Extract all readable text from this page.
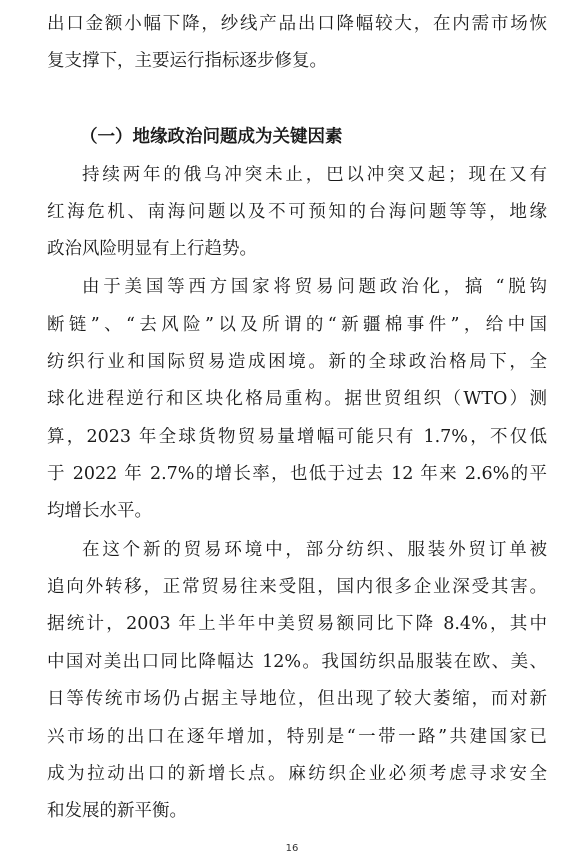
出口金额小幅下降，纱线产品出口降幅较大，在内需市场恢
复支撑下，主要运行指标逐步修复。
（一）地缘政治问题成为关键因素
持续两年的俄乌冲突未止，巴以冲突又起；现在又有
红海危机、南海问题以及不可预知的台海问题等等，地缘
政治风险明显有上行趋势。
由于美国等西方国家将贸易问题政治化，搞 “脱钩
断链”、“去风险”以及所谓的“新疆棉事件”，给中国
纺织行业和国际贸易造成困境。新的全球政治格局下，全
球化进程逆行和区块化格局重构。据世贸组织（WTO）测
算，2023 年全球货物贸易量增幅可能只有 1.7%，不仅低
于 2022 年 2.7%的增长率，也低于过去 12 年来 2.6%的平
均增长水平。
在这个新的贸易环境中，部分纺织、服装外贸订单被
追向外转移，正常贸易往来受阻，国内很多企业深受其害。
据统计，2003 年上半年中美贸易额同比下降 8.4%，其中
中国对美出口同比降幅达 12%。我国纺织品服装在欧、美、
日等传统市场仍占据主导地位，但出现了较大萎缩，而对新
兴市场的出口在逐年增加，特别是“一带一路”共建国家已
成为拉动出口的新增长点。麻纺织企业必须考虑寻求安全
和发展的新平衡。
16
